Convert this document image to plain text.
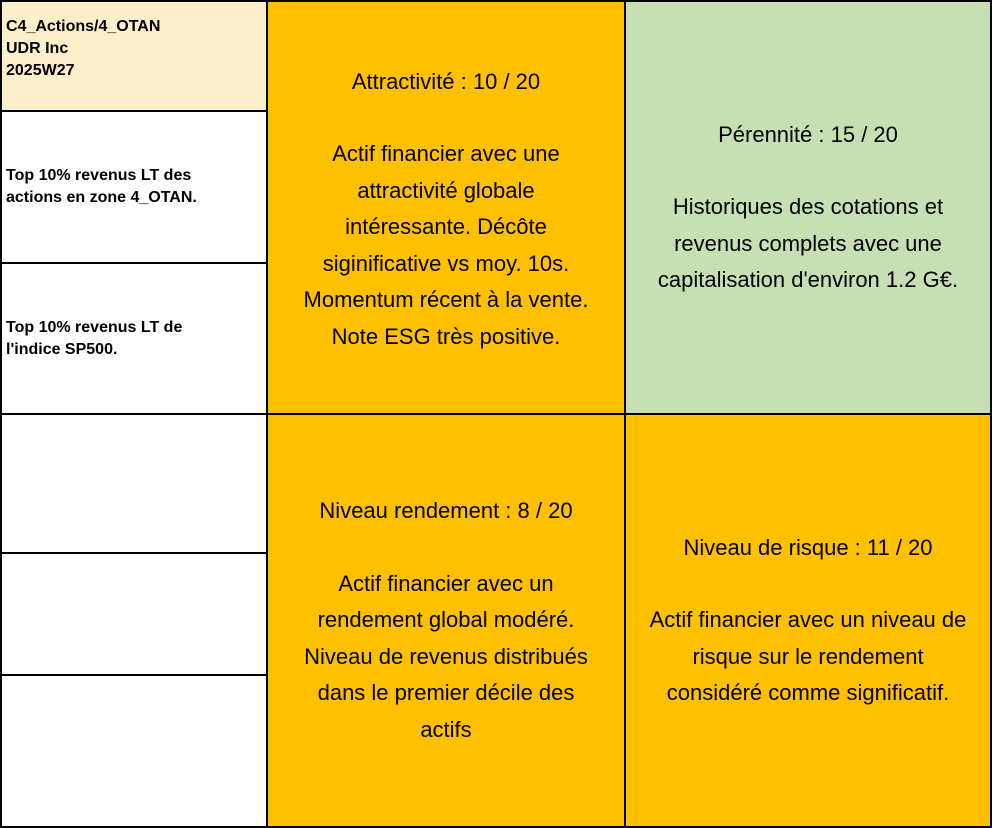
C4_Actions/4_OTAN
UDR Inc
2025W27
Top 10% revenus LT des actions en zone 4_OTAN.
Top 10% revenus LT de l'indice SP500.
Attractivité : 10 / 20
Actif financier avec une
attractivité globale
intéressante. Décôte
siginificative vs moy. 10s.
Momentum récent à la vente.
Note ESG très positive.
Pérennité : 15 / 20
Historiques des cotations et
revenus complets avec une
capitalisation d'environ 1.2 G€.
Niveau rendement : 8 / 20
Actif financier avec un
rendement global modéré.
Niveau de revenus distribués
dans le premier décile des
actifs
Niveau de risque : 11 / 20
Actif financier avec un niveau de
risque sur le rendement
considéré comme significatif.
